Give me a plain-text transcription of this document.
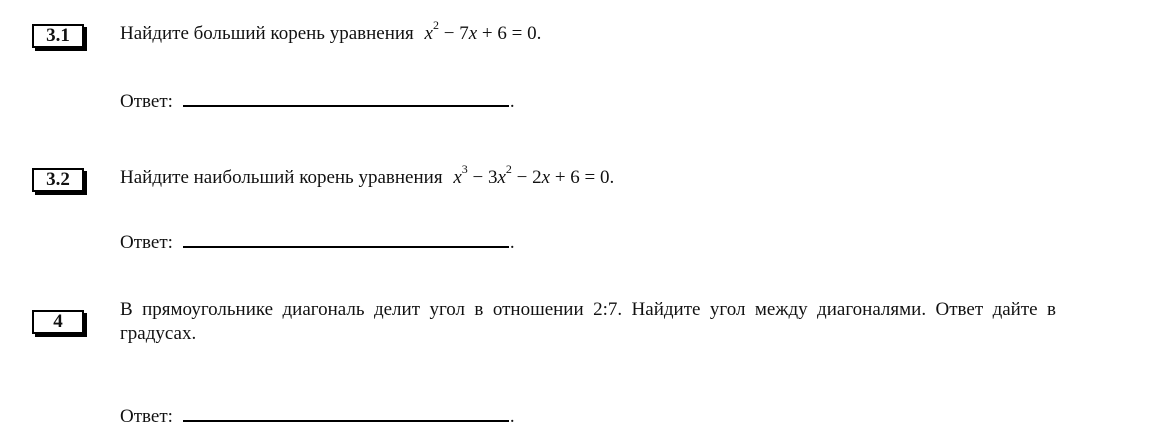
3.1	Найдите больший корень уравнения $x^2 - 7x + 6 = 0$.
Ответ:	.
3.2	Найдите наибольший корень уравнения $x^3 - 3x^2 - 2x + 6 = 0$.
Ответ:	.
4
В прямоугольнике диагональ делит угол в отношении 2:7. Найдите угол между диагоналями. Ответ дайте в градусах.
Ответ:	.
